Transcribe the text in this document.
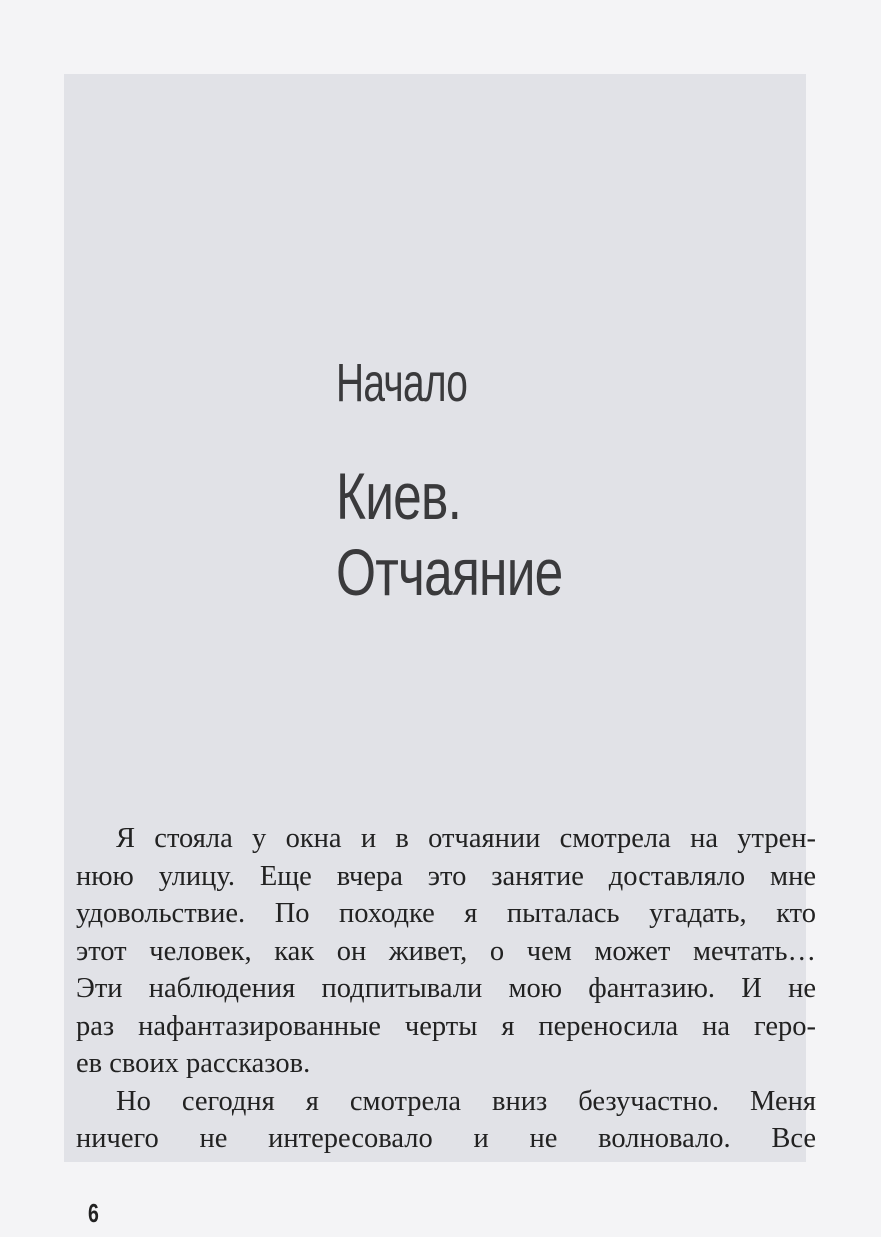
Начало
Киев.
Отчаяние
Я стояла у окна и в отчаянии смотрела на утрен-
нюю улицу. Еще вчера это занятие доставляло мне
удовольствие. По походке я пыталась угадать, кто
этот человек, как он живет, о чем может мечтать…
Эти наблюдения подпитывали мою фантазию. И не
раз нафантазированные черты я переносила на геро-
ев своих рассказов.
Но сегодня я смотрела вниз безучастно. Меня
ничего не интересовало и не волновало. Все
6
